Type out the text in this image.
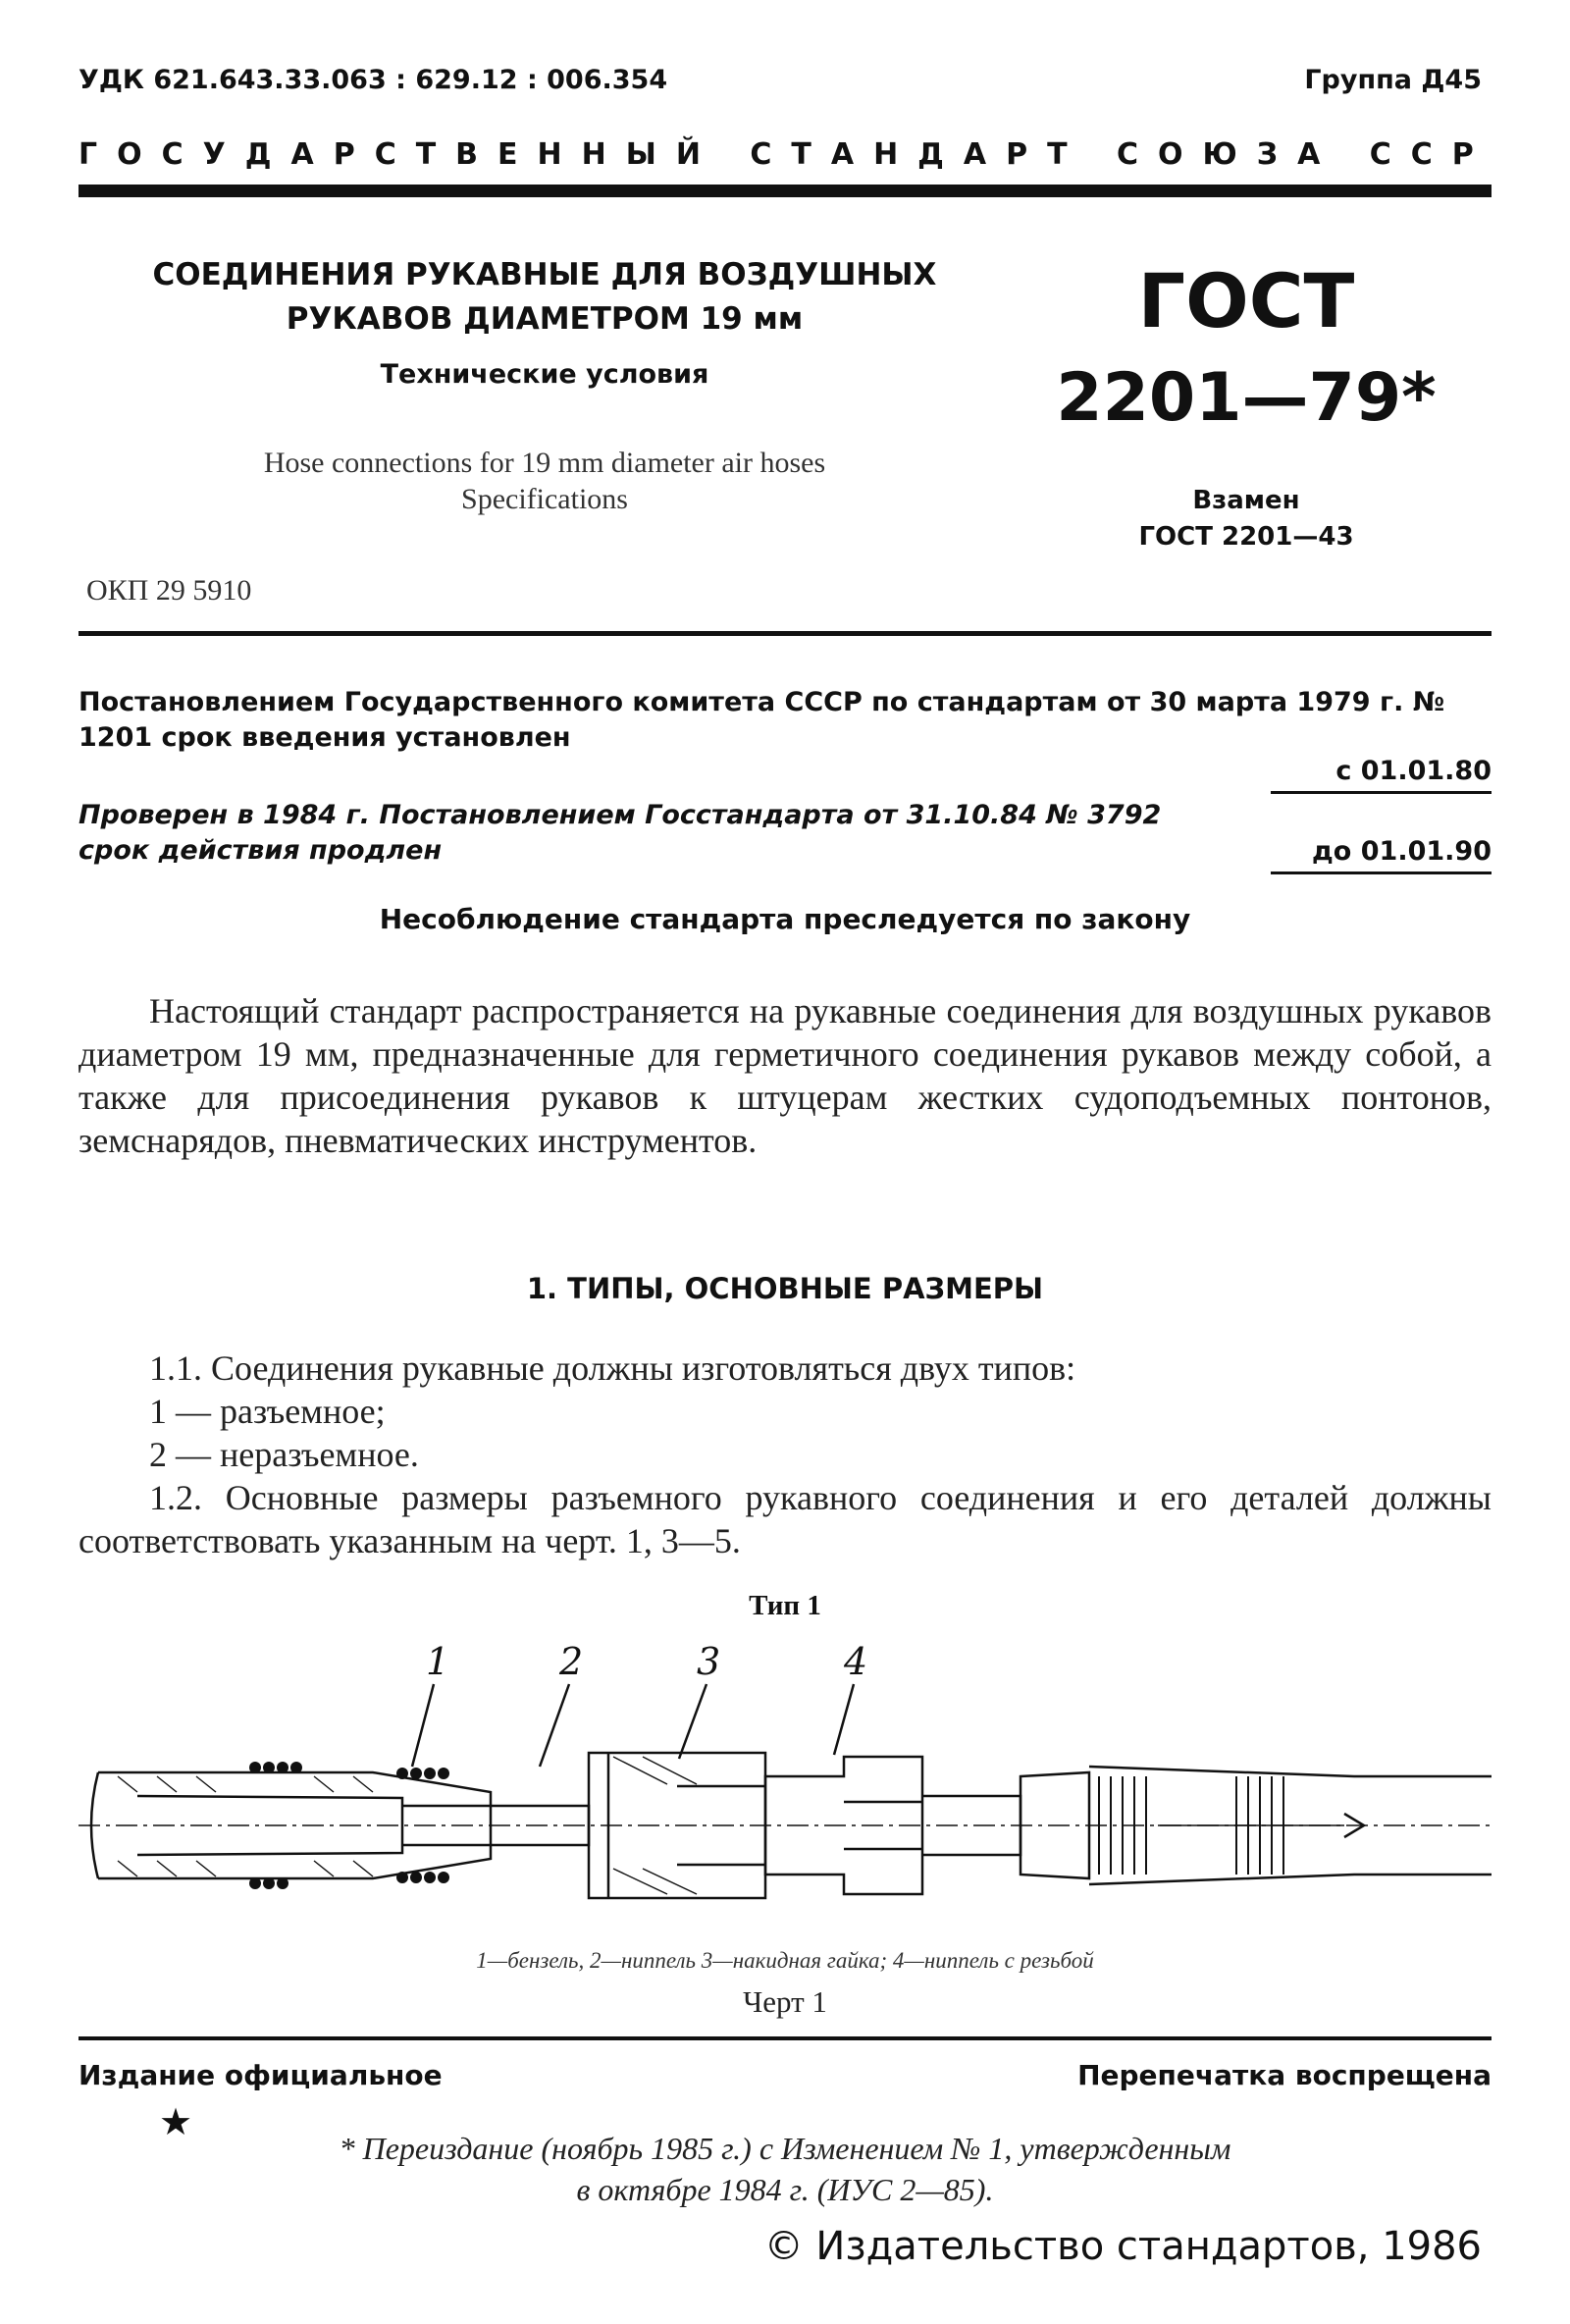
УДК 621.643.33.063 : 629.12 : 006.354	Группа Д45
ГОСУДАРСТВЕННЫЙ СТАНДАРТ СОЮЗА ССР
СОЕДИНЕНИЯ РУКАВНЫЕ ДЛЯ ВОЗДУШНЫХ
РУКАВОВ ДИАМЕТРОМ 19 мм
Технические условия
Hose connections for 19 mm diameter air hoses
Specifications
ОКП 29 5910
ГОСТ
2201—79*
Взамен
ГОСТ 2201—43
Постановлением Государственного комитета СССР по стандартам от 30 марта 1979 г. № 1201 срок введения установлен
с 01.01.80
Проверен в 1984 г. Постановлением Госстандарта от 31.10.84 № 3792 срок действия продлен	до 01.01.90
Несоблюдение стандарта преследуется по закону
Настоящий стандарт распространяется на рукавные соединения для воздушных рукавов диаметром 19 мм, предназначенные для герметичного соединения рукавов между собой, а также для присоединения рукавов к штуцерам жестких судоподъемных понтонов, земснарядов, пневматических инструментов.
1. ТИПЫ, ОСНОВНЫЕ РАЗМЕРЫ
1.1. Соединения рукавные должны изготовляться двух типов:
1 — разъемное;
2 — неразъемное.
1.2. Основные размеры разъемного рукавного соединения и его деталей должны соответствовать указанным на черт. 1, 3—5.
Тип 1
1	2	3	4
1—бензель, 2—ниппель 3—накидная гайка; 4—ниппель с резьбой
Черт 1
Издание официальное	Перепечатка воспрещена
★
* Переиздание (ноябрь 1985 г.) с Изменением № 1, утвержденным
в октябре 1984 г. (ИУС 2—85).
© Издательство стандартов, 1986
